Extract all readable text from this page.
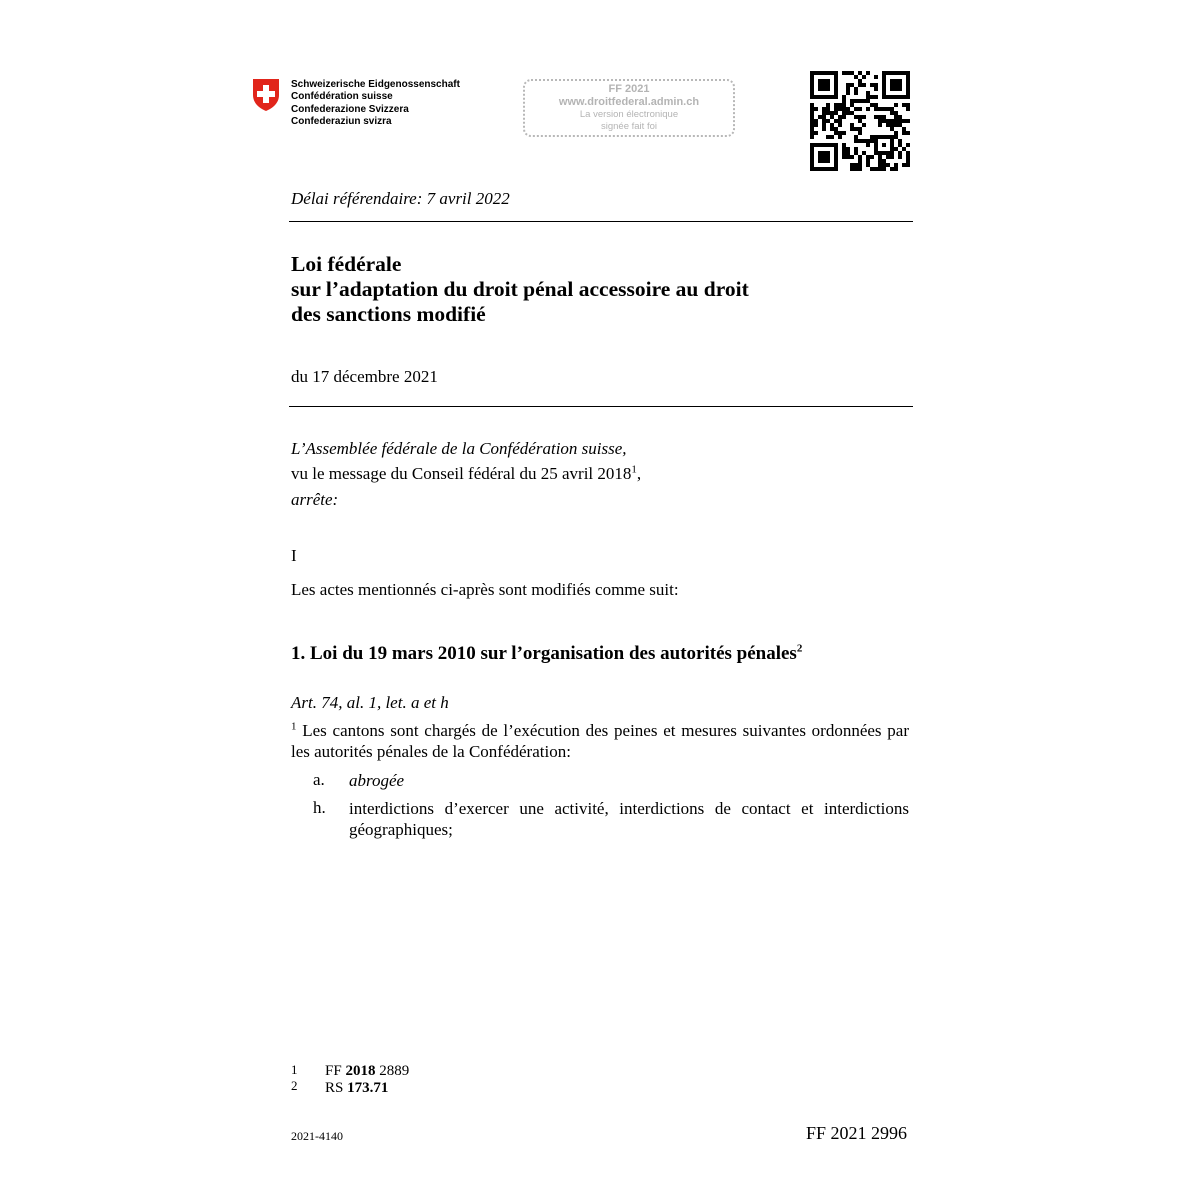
Schweizerische Eidgenossenschaft
Confédération suisse
Confederazione Svizzera
Confederaziun svizra
FF 2021
www.droitfederal.admin.ch
La version électronique
signée fait foi
Délai référendaire: 7 avril 2022
Loi fédérale
sur l’adaptation du droit pénal accessoire au droit
des sanctions modifié
du 17 décembre 2021
L’Assemblée fédérale de la Confédération suisse,
vu le message du Conseil fédéral du 25 avril 2018$^1$,
arrête:
I
Les actes mentionnés ci-après sont modifiés comme suit:
1. Loi du 19 mars 2010 sur l’organisation des autorités pénales$^2$
Art. 74, al. 1, let. a et h
$^1$ Les cantons sont chargés de l’exécution des peines et mesures suivantes ordonnées par les autorités pénales de la Confédération:
a. abrogée
h. interdictions d’exercer une activité, interdictions de contact et interdictions géographiques;
1 FF 2018 2889
2 RS 173.71
2021-4140	FF 2021 2996
